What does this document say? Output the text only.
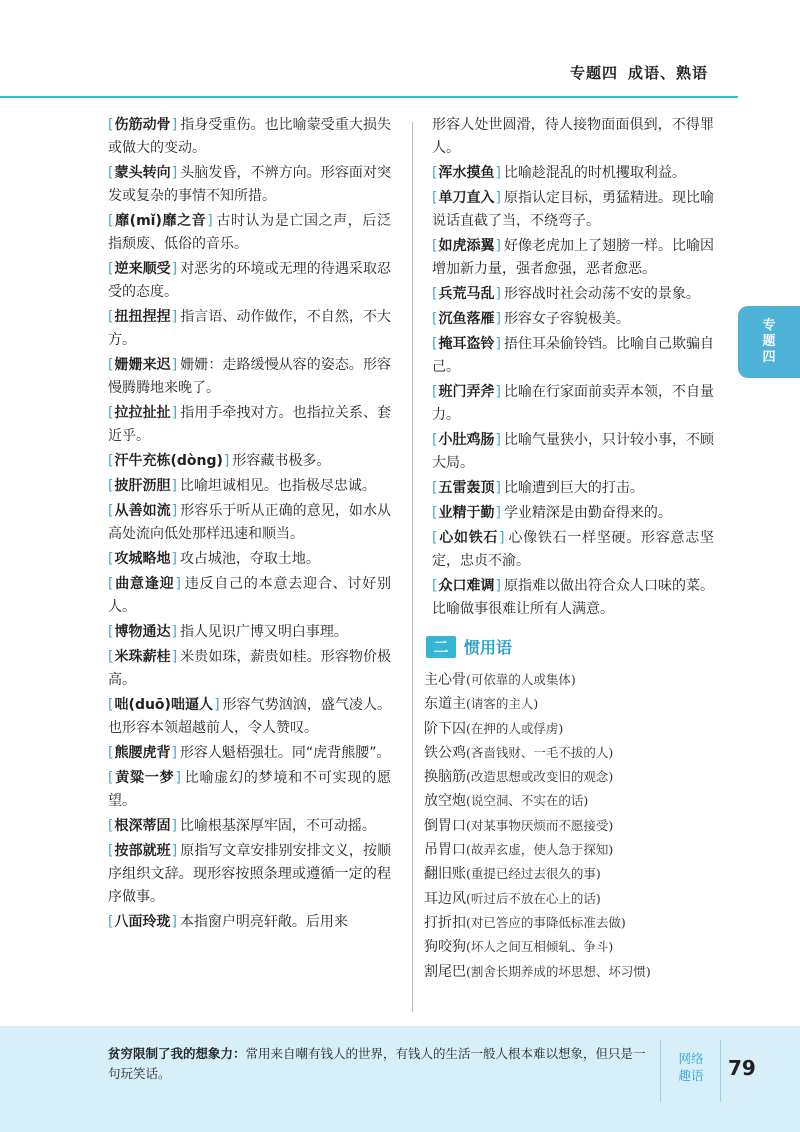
专题四 成语、熟语
专
题
四
[ 伤筋动骨 ] 指身受重伤。也比喻蒙受重大损失或做大的变动。
[ 蒙头转向 ] 头脑发昏，不辨方向。形容面对突发或复杂的事情不知所措。
[ 靡(mǐ)靡之音 ] 古时认为是亡国之声，后泛指颓废、低俗的音乐。
[ 逆来顺受 ] 对恶劣的环境或无理的待遇采取忍受的态度。
[ 扭扭捏捏 ] 指言语、动作做作，不自然，不大方。
[ 姗姗来迟 ] 姗姗：走路缓慢从容的姿态。形容慢腾腾地来晚了。
[ 拉拉扯扯 ] 指用手牵拽对方。也指拉关系、套近乎。
[ 汗牛充栋(dòng) ] 形容藏书极多。
[ 披肝沥胆 ] 比喻坦诚相见。也指极尽忠诚。
[ 从善如流 ] 形容乐于听从正确的意见，如水从高处流向低处那样迅速和顺当。
[ 攻城略地 ] 攻占城池，夺取土地。
[ 曲意逢迎 ] 违反自己的本意去迎合、讨好别人。
[ 博物通达 ] 指人见识广博又明白事理。
[ 米珠薪桂 ] 米贵如珠，薪贵如桂。形容物价极高。
[ 咄(duō)咄逼人 ] 形容气势汹汹，盛气凌人。也形容本领超越前人，令人赞叹。
[ 熊腰虎背 ] 形容人魁梧强壮。同“虎背熊腰”。
[ 黄粱一梦 ] 比喻虚幻的梦境和不可实现的愿望。
[ 根深蒂固 ] 比喻根基深厚牢固，不可动摇。
[ 按部就班 ] 原指写文章安排别安排文义，按顺序组织文辞。现形容按照条理或遵循一定的程序做事。
[ 八面玲珑 ] 本指窗户明亮轩敞。后用来
形容人处世圆滑，待人接物面面俱到，不得罪人。
[ 浑水摸鱼 ] 比喻趁混乱的时机攫取利益。
[ 单刀直入 ] 原指认定目标，勇猛精进。现比喻说话直截了当，不绕弯子。
[ 如虎添翼 ] 好像老虎加上了翅膀一样。比喻因增加新力量，强者愈强，恶者愈恶。
[ 兵荒马乱 ] 形容战时社会动荡不安的景象。
[ 沉鱼落雁 ] 形容女子容貌极美。
[ 掩耳盗铃 ] 捂住耳朵偷铃铛。比喻自己欺骗自己。
[ 班门弄斧 ] 比喻在行家面前卖弄本领，不自量力。
[ 小肚鸡肠 ] 比喻气量狭小，只计较小事，不顾大局。
[ 五雷轰顶 ] 比喻遭到巨大的打击。
[ 业精于勤 ] 学业精深是由勤奋得来的。
[ 心如铁石 ] 心像铁石一样坚硬。形容意志坚定，忠贞不渝。
[ 众口难调 ] 原指难以做出符合众人口味的菜。比喻做事很难让所有人满意。
二 惯用语
主心骨(可依靠的人或集体)
东道主(请客的主人)
阶下囚(在押的人或俘虏)
铁公鸡(吝啬钱财、一毛不拔的人)
换脑筋(改造思想或改变旧的观念)
放空炮(说空洞、不实在的话)
倒胃口(对某事物厌烦而不愿接受)
吊胃口(故弄玄虚，使人急于探知)
翻旧账(重提已经过去很久的事)
耳边风(听过后不放在心上的话)
打折扣(对已答应的事降低标准去做)
狗咬狗(坏人之间互相倾轧、争斗)
割尾巴(割舍长期养成的坏思想、坏习惯)
贫穷限制了我的想象力：常用来自嘲有钱人的世界，有钱人的生活一般人根本难以想象，但只是一句玩笑话。
网络
趣语	79
